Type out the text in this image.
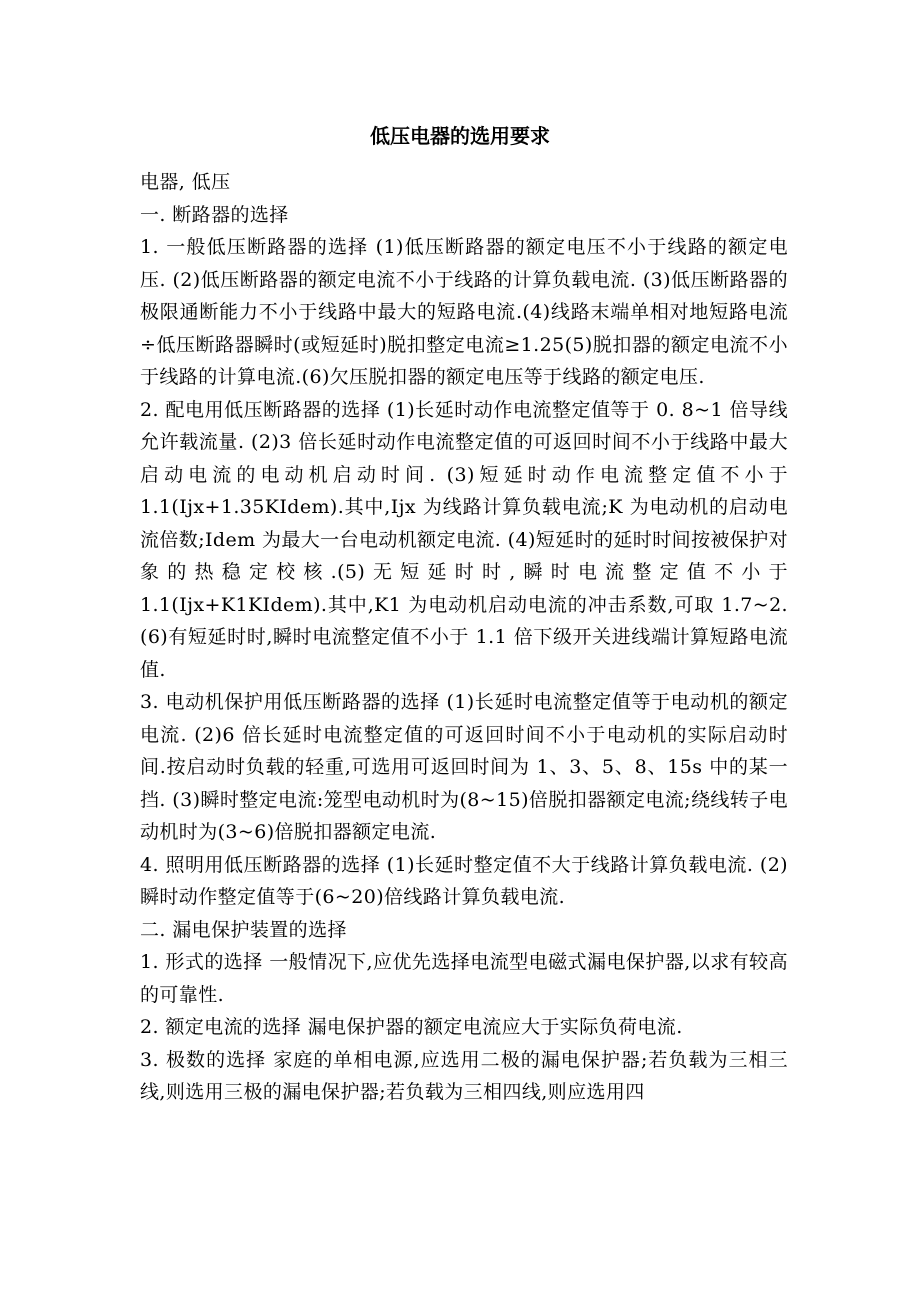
低压电器的选用要求

电器, 低压

一. 断路器的选择

1. 一般低压断路器的选择 (1)低压断路器的额定电压不小于线路的额定电压. (2)低压断路器的额定电流不小于线路的计算负载电流. (3)低压断路器的极限通断能力不小于线路中最大的短路电流.(4)线路末端单相对地短路电流÷低压断路器瞬时(或短延时)脱扣整定电流≥1.25(5)脱扣器的额定电流不小于线路的计算电流.(6)欠压脱扣器的额定电压等于线路的额定电压.

2. 配电用低压断路器的选择 (1)长延时动作电流整定值等于 0. 8~1 倍导线允许载流量. (2)3 倍长延时动作电流整定值的可返回时间不小于线路中最大启动电流的电动机启动时间. (3)短延时动作电流整定值不小于 1.1(Ijx+1.35KIdem).其中,Ijx 为线路计算负载电流;K 为电动机的启动电流倍数;Idem 为最大一台电动机额定电流. (4)短延时的延时时间按被保护对象的热稳定校核.(5)无短延时时,瞬时电流整定值不小于 1.1(Ijx+K1KIdem).其中,K1 为电动机启动电流的冲击系数,可取 1.7~2. (6)有短延时时,瞬时电流整定值不小于 1.1 倍下级开关进线端计算短路电流值.

3. 电动机保护用低压断路器的选择 (1)长延时电流整定值等于电动机的额定电流. (2)6 倍长延时电流整定值的可返回时间不小于电动机的实际启动时间.按启动时负载的轻重,可选用可返回时间为 1、3、5、8、15s 中的某一挡. (3)瞬时整定电流:笼型电动机时为(8~15)倍脱扣器额定电流;绕线转子电动机时为(3~6)倍脱扣器额定电流.

4. 照明用低压断路器的选择 (1)长延时整定值不大于线路计算负载电流. (2)瞬时动作整定值等于(6~20)倍线路计算负载电流.

二. 漏电保护装置的选择

1. 形式的选择 一般情况下,应优先选择电流型电磁式漏电保护器,以求有较高的可靠性.

2. 额定电流的选择 漏电保护器的额定电流应大于实际负荷电流.

3. 极数的选择 家庭的单相电源,应选用二极的漏电保护器;若负载为三相三线,则选用三极的漏电保护器;若负载为三相四线,则应选用四
